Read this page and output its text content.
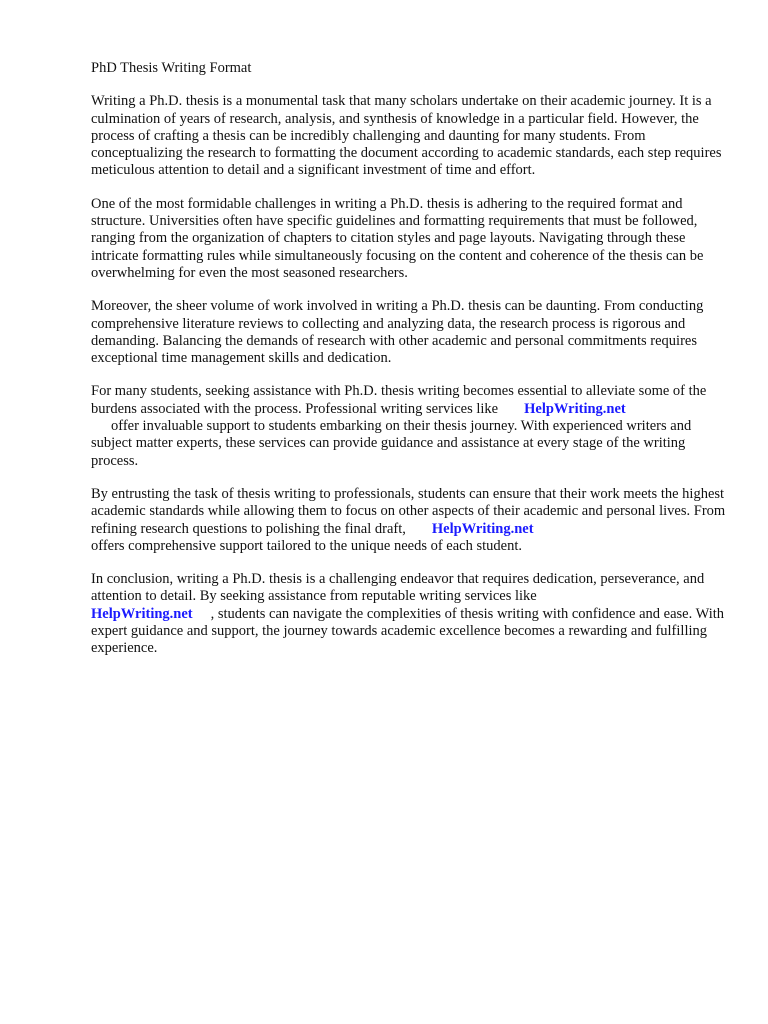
PhD Thesis Writing Format

Writing a Ph.D. thesis is a monumental task that many scholars undertake on their academic journey. It is a culmination of years of research, analysis, and synthesis of knowledge in a particular field. However, the process of crafting a thesis can be incredibly challenging and daunting for many students. From conceptualizing the research to formatting the document according to academic standards, each step requires meticulous attention to detail and a significant investment of time and effort.

One of the most formidable challenges in writing a Ph.D. thesis is adhering to the required format and structure. Universities often have specific guidelines and formatting requirements that must be followed, ranging from the organization of chapters to citation styles and page layouts. Navigating through these intricate formatting rules while simultaneously focusing on the content and coherence of the thesis can be overwhelming for even the most seasoned researchers.

Moreover, the sheer volume of work involved in writing a Ph.D. thesis can be daunting. From conducting comprehensive literature reviews to collecting and analyzing data, the research process is rigorous and demanding. Balancing the demands of research with other academic and personal commitments requires exceptional time management skills and dedication.

For many students, seeking assistance with Ph.D. thesis writing becomes essential to alleviate some of the burdens associated with the process. Professional writing services like HelpWriting.net
offer invaluable support to students embarking on their thesis journey. With experienced writers and subject matter experts, these services can provide guidance and assistance at every stage of the writing process.

By entrusting the task of thesis writing to professionals, students can ensure that their work meets the highest academic standards while allowing them to focus on other aspects of their academic and personal lives. From refining research questions to polishing the final draft, HelpWriting.net
offers comprehensive support tailored to the unique needs of each student.

In conclusion, writing a Ph.D. thesis is a challenging endeavor that requires dedication, perseverance, and attention to detail. By seeking assistance from reputable writing services like
HelpWriting.net , students can navigate the complexities of thesis writing with confidence and ease. With expert guidance and support, the journey towards academic excellence becomes a rewarding and fulfilling experience.
